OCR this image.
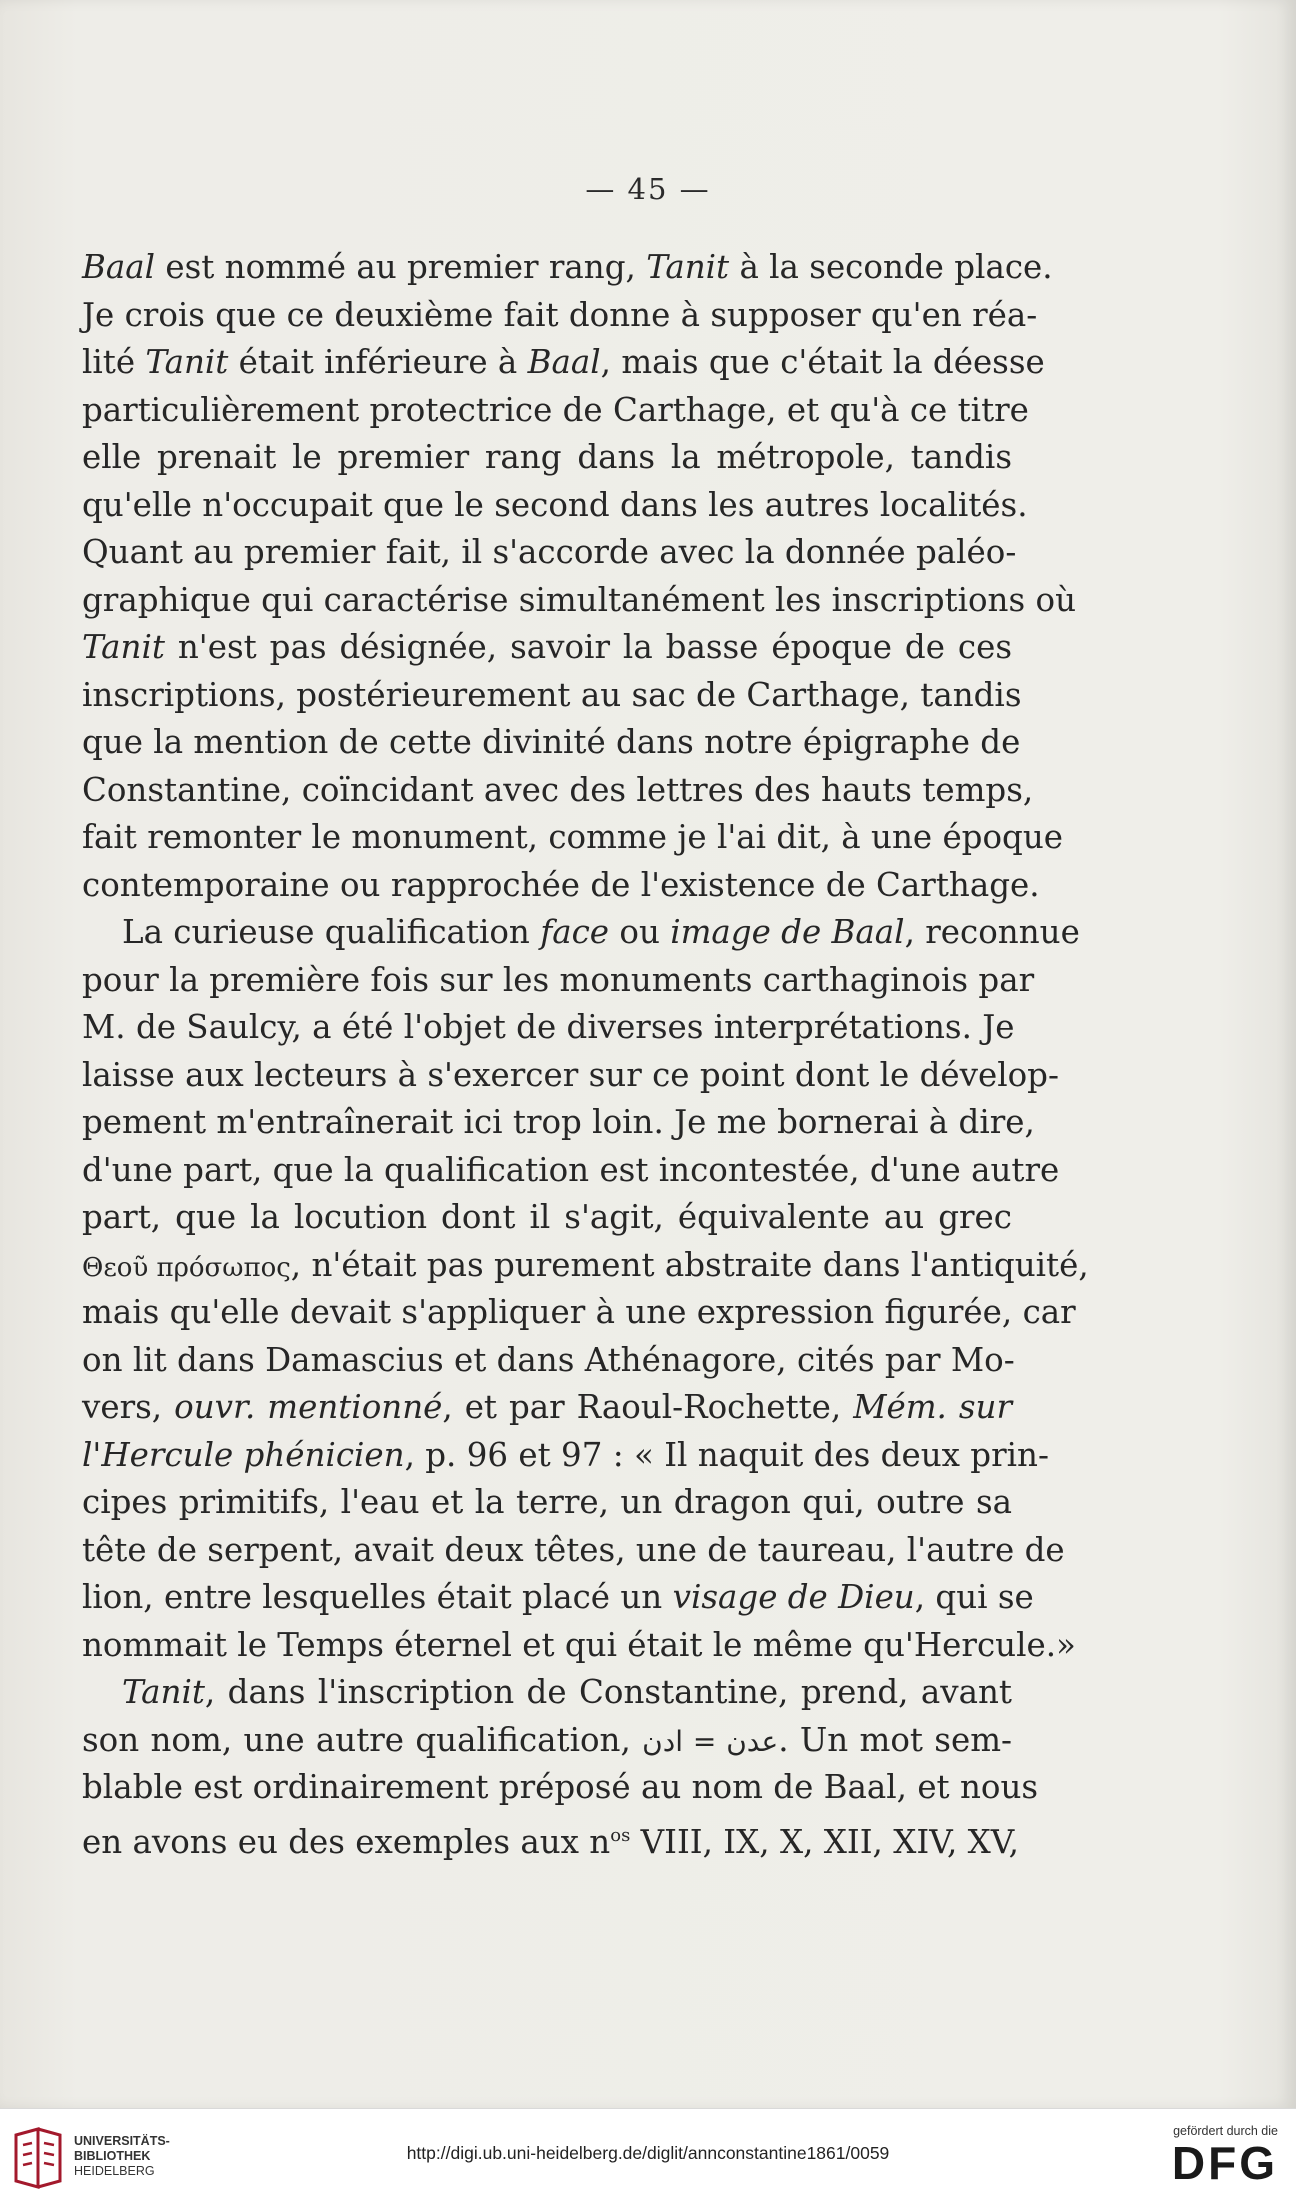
— 45 —
Baal est nommé au premier rang, Tanit à la seconde place.
Je crois que ce deuxième fait donne à supposer qu'en réa-
lité Tanit était inférieure à Baal, mais que c'était la déesse
particulièrement protectrice de Carthage, et qu'à ce titre
elle prenait le premier rang dans la métropole, tandis
qu'elle n'occupait que le second dans les autres localités.
Quant au premier fait, il s'accorde avec la donnée paléo-
graphique qui caractérise simultanément les inscriptions où
Tanit n'est pas désignée, savoir la basse époque de ces
inscriptions, postérieurement au sac de Carthage, tandis
que la mention de cette divinité dans notre épigraphe de
Constantine, coïncidant avec des lettres des hauts temps,
fait remonter le monument, comme je l'ai dit, à une époque
contemporaine ou rapprochée de l'existence de Carthage.
La curieuse qualification face ou image de Baal, reconnue
pour la première fois sur les monuments carthaginois par
M. de Saulcy, a été l'objet de diverses interprétations. Je
laisse aux lecteurs à s'exercer sur ce point dont le dévelop-
pement m'entraînerait ici trop loin. Je me bornerai à dire,
d'une part, que la qualification est incontestée, d'une autre
part, que la locution dont il s'agit, équivalente au grec
Θεοῦ πρόσωπος, n'était pas purement abstraite dans l'antiquité,
mais qu'elle devait s'appliquer à une expression figurée, car
on lit dans Damascius et dans Athénagore, cités par Mo-
vers, ouvr. mentionné, et par Raoul-Rochette, Mém. sur
l'Hercule phénicien, p. 96 et 97 : « Il naquit des deux prin-
cipes primitifs, l'eau et la terre, un dragon qui, outre sa
tête de serpent, avait deux têtes, une de taureau, l'autre de
lion, entre lesquelles était placé un visage de Dieu, qui se
nommait le Temps éternel et qui était le même qu'Hercule.»
Tanit, dans l'inscription de Constantine, prend, avant
son nom, une autre qualification, عدن = ادن. Un mot sem-
blable est ordinairement préposé au nom de Baal, et nous
en avons eu des exemples aux $n^{os}$ VIII, IX, X, XII, XIV, XV,
UNIVERSITÄTS-
BIBLIOTHEK
HEIDELBERG
http://digi.ub.uni-heidelberg.de/diglit/annconstantine1861/0059
gefördert durch die
DFG
